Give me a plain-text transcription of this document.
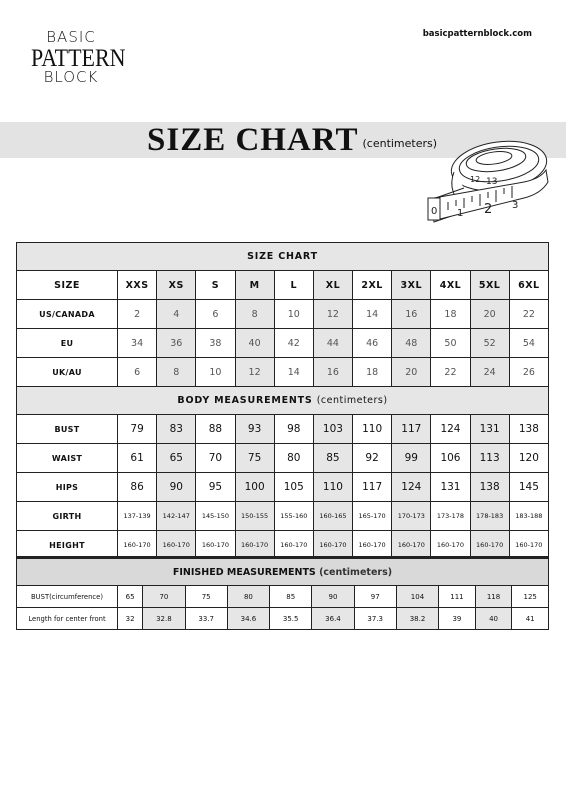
BASIC
PATTERN
BLOCK
basicpatternblock.com
SIZE CHART (centimeters)
0 1 2 3
12 13
SIZE CHART											
SIZE	XXS	XS	S	M	L	XL	2XL	3XL	4XL	5XL	6XL
US/CANADA	2	4	6	8	10	12	14	16	18	20	22
EU	34	36	38	40	42	44	46	48	50	52	54
UK/AU	6	8	10	12	14	16	18	20	22	24	26
BODY MEASUREMENTS (centimeters)											
BUST	79	83	88	93	98	103	110	117	124	131	138
WAIST	61	65	70	75	80	85	92	99	106	113	120
HIPS	86	90	95	100	105	110	117	124	131	138	145
GIRTH	137-139	142-147	145-150	150-155	155-160	160-165	165-170	170-173	173-178	178-183	183-188
HEIGHT	160-170	160-170	160-170	160-170	160-170	160-170	160-170	160-170	160-170	160-170	160-170
FINISHED MEASUREMENTS (centimeters)											
BUST(circumference)	65	70	75	80	85	90	97	104	111	118	125
Length for center front	32	32.8	33.7	34.6	35.5	36.4	37.3	38.2	39	40	41
